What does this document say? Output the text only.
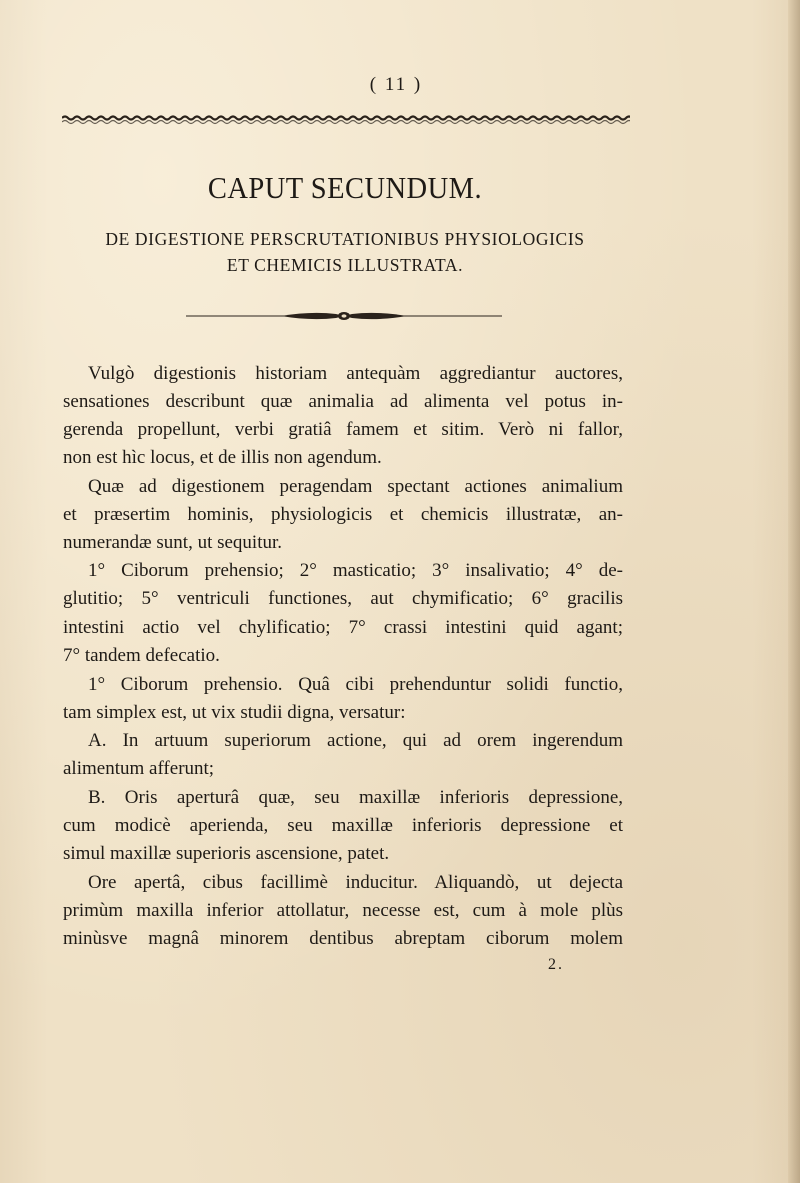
( 11 )
CAPUT SECUNDUM.
DE DIGESTIONE PERSCRUTATIONIBUS PHYSIOLOGICIS
ET CHEMICIS ILLUSTRATA.
Vulgò digestionis historiam antequàm aggrediantur auctores,
sensationes describunt quæ animalia ad alimenta vel potus in-
gerenda propellunt, verbi gratiâ famem et sitim. Verò ni fallor,
non est hìc locus, et de illis non agendum.
Quæ ad digestionem peragendam spectant actiones animalium
et præsertim hominis, physiologicis et chemicis illustratæ, an-
numerandæ sunt, ut sequitur.
1° Ciborum prehensio; 2° masticatio; 3° insalivatio; 4° de-
glutitio; 5° ventriculi functiones, aut chymificatio; 6° gracilis
intestini actio vel chylificatio; 7° crassi intestini quid agant;
7° tandem defecatio.
1° Ciborum prehensio. Quâ cibi prehenduntur solidi functio,
tam simplex est, ut vix studii digna, versatur:
A. In artuum superiorum actione, qui ad orem ingerendum
alimentum afferunt;
B. Oris aperturâ quæ, seu maxillæ inferioris depressione,
cum modicè aperienda, seu maxillæ inferioris depressione et
simul maxillæ superioris ascensione, patet.
Ore apertâ, cibus facillimè inducitur. Aliquandò, ut dejecta
primùm maxilla inferior attollatur, necesse est, cum à mole plùs
minùsve magnâ minorem dentibus abreptam ciborum molem
2.
